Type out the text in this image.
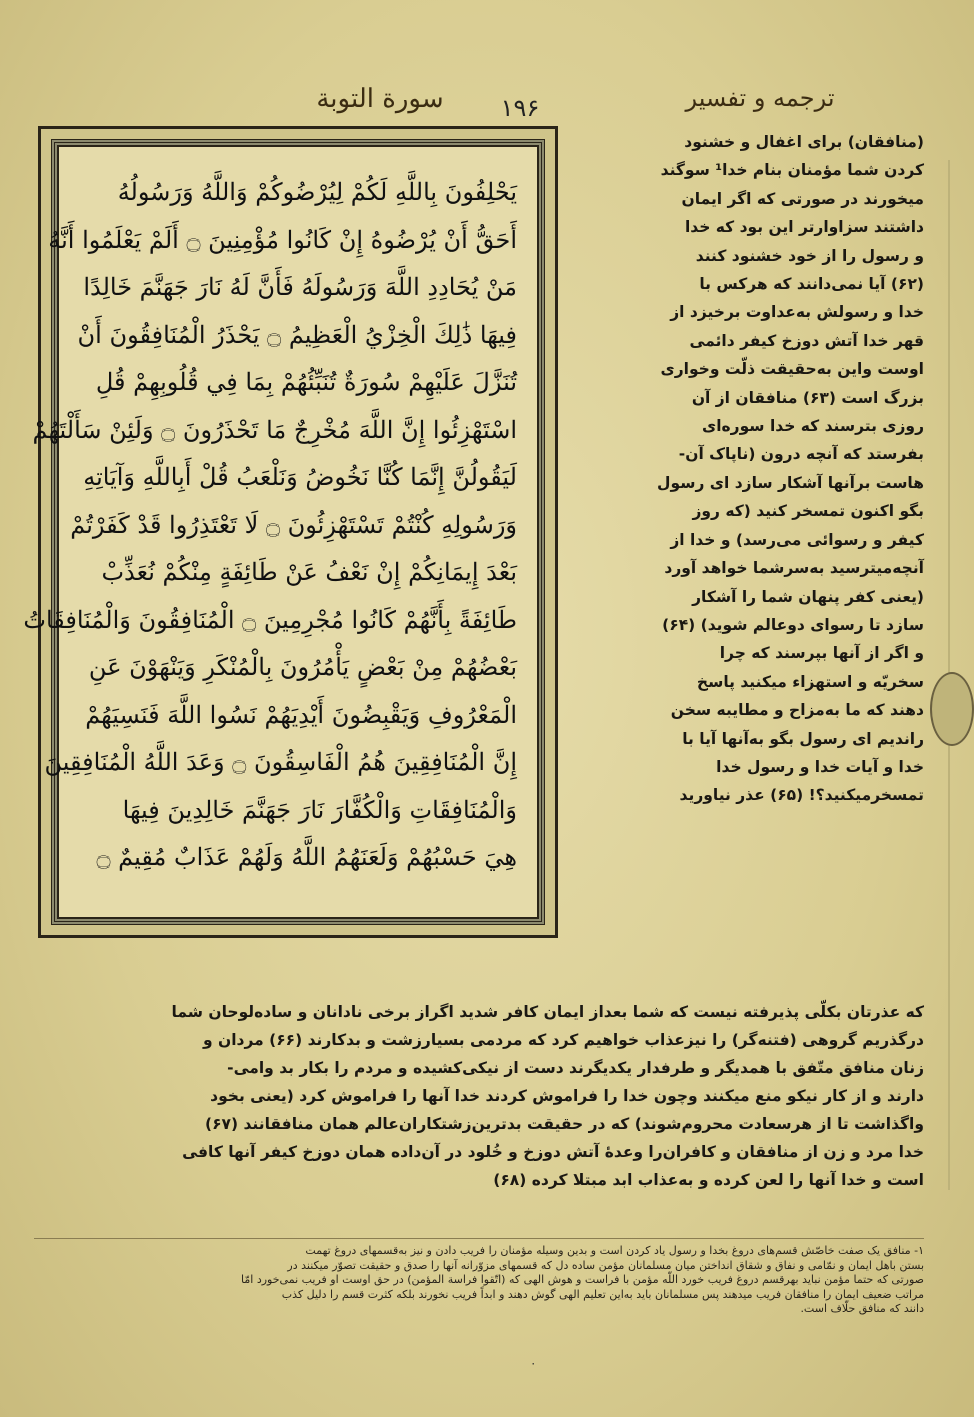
سورة التوبة	۱۹۶	ترجمه و تفسير
يَحْلِفُونَ بِاللَّهِ لَكُمْ لِيُرْضُوكُمْ وَاللَّهُ وَرَسُولُهُ
أَحَقُّ أَنْ يُرْضُوهُ إِنْ كَانُوا مُؤْمِنِينَ ۝ أَلَمْ يَعْلَمُوا أَنَّهُ
مَنْ يُحَادِدِ اللَّهَ وَرَسُولَهُ فَأَنَّ لَهُ نَارَ جَهَنَّمَ خَالِدًا
فِيهَا ذَٰلِكَ الْخِزْيُ الْعَظِيمُ ۝ يَحْذَرُ الْمُنَافِقُونَ أَنْ
تُنَزَّلَ عَلَيْهِمْ سُورَةٌ تُنَبِّئُهُمْ بِمَا فِي قُلُوبِهِمْ قُلِ
اسْتَهْزِئُوا إِنَّ اللَّهَ مُخْرِجٌ مَا تَحْذَرُونَ ۝ وَلَئِنْ سَأَلْتَهُمْ
لَيَقُولُنَّ إِنَّمَا كُنَّا نَخُوضُ وَنَلْعَبُ قُلْ أَبِاللَّهِ وَآيَاتِهِ
وَرَسُولِهِ كُنْتُمْ تَسْتَهْزِئُونَ ۝ لَا تَعْتَذِرُوا قَدْ كَفَرْتُمْ
بَعْدَ إِيمَانِكُمْ إِنْ نَعْفُ عَنْ طَائِفَةٍ مِنْكُمْ نُعَذِّبْ
طَائِفَةً بِأَنَّهُمْ كَانُوا مُجْرِمِينَ ۝ الْمُنَافِقُونَ وَالْمُنَافِقَاتُ
بَعْضُهُمْ مِنْ بَعْضٍ يَأْمُرُونَ بِالْمُنْكَرِ وَيَنْهَوْنَ عَنِ
الْمَعْرُوفِ وَيَقْبِضُونَ أَيْدِيَهُمْ نَسُوا اللَّهَ فَنَسِيَهُمْ
إِنَّ الْمُنَافِقِينَ هُمُ الْفَاسِقُونَ ۝ وَعَدَ اللَّهُ الْمُنَافِقِينَ
وَالْمُنَافِقَاتِ وَالْكُفَّارَ نَارَ جَهَنَّمَ خَالِدِينَ فِيهَا
هِيَ حَسْبُهُمْ وَلَعَنَهُمُ اللَّهُ وَلَهُمْ عَذَابٌ مُقِيمٌ ۝
(منافقان) برای اغفال و خشنود
کردن شما مؤمنان بنام خدا¹ سوگند
میخورند در صورتی که اگر ایمان
داشتند سزاوارتر این بود که خدا
و رسول را از خود خشنود کنند
(۶۲) آیا نمی‌دانند که هرکس با
خدا و رسولش به‌عداوت برخیزد از
قهر خدا آتش دوزخ کیفر دائمی
اوست واین به‌حقیقت ذلّت وخواری
بزرگ است (۶۳) منافقان از آن
روزی بترسند که خدا سوره‌ای
بفرستد که آنچه درون (ناپاک آن-
هاست برآنها آشکار سازد ای رسول
بگو اکنون تمسخر کنید (که روز
کیفر و رسوائی می‌رسد) و خدا از
آنچه‌میترسید به‌سرشما خواهد آورد
(یعنی کفر پنهان شما را آشکار
سازد تا رسوای دوعالم شوید) (۶۴)
و اگر از آنها بپرسند که چرا
سخریّه و استهزاء میکنید پاسخ
دهند که ما به‌مزاح و مطایبه سخن
راندیم ای رسول بگو به‌آنها آیا با
خدا و آیات خدا و رسول خدا
تمسخرمیکنید؟! (۶۵) عذر نیاورید
که عذرتان بکلّی پذیرفته نیست که شما بعداز ایمان کافر شدید اگراز برخی نادانان و ساده‌لوحان شما
درگذریم گروهی (فتنه‌گر) را نیزعذاب خواهیم کرد که مردمی بسیارزشت و بدکارند (۶۶) مردان و
زنان منافق متّفق با همدیگر و طرفدار یکدیگرند دست از نیکی‌کشیده و مردم را بکار بد وامی-
دارند و از کار نیکو منع میکنند وچون خدا را فراموش کردند خدا آنها را فراموش کرد (یعنی بخود
واگذاشت تا از هرسعادت محروم‌شوند) که در حقیقت بدترین‌زشتکاران‌عالم همان منافقانند (۶۷)
خدا مرد و زن از منافقان و کافران‌را وعدهٔ آتش دوزخ و خُلود در آن‌داده همان دوزخ کیفر آنها کافی
است و خدا آنها را لعن کرده و به‌عذاب ابد مبتلا کرده (۶۸)
۱- منافق یک صفت خاصّش قسم‌های دروغ بخدا و رسول یاد کردن است و بدین وسیله مؤمنان را فریب دادن و نیز به‌قسمهای دروغ تهمت
بستن باهل ایمان و نمّامی و نفاق و شقاق انداختن میان مسلمانان مؤمن ساده دل که قسمهای مزوّرانه آنها را صدق و حقیقت تصوّر میکنند در
صورتی که حتما مؤمن نباید بهرقسم دروغ فریب خورد اللّه مؤمن با فراست و هوش الهی که (اتّقوا فراسة المؤمن) در حق اوست او فریب نمی‌خورد امّا
مراتب ضعیف ایمان را منافقان فریب میدهند پس مسلمانان باید به‌این تعلیم الهی گوش دهند و ابداً فریب نخورند بلکه کثرت قسم را دلیل کذب
دانند که منافق حلّاف است.
٠
